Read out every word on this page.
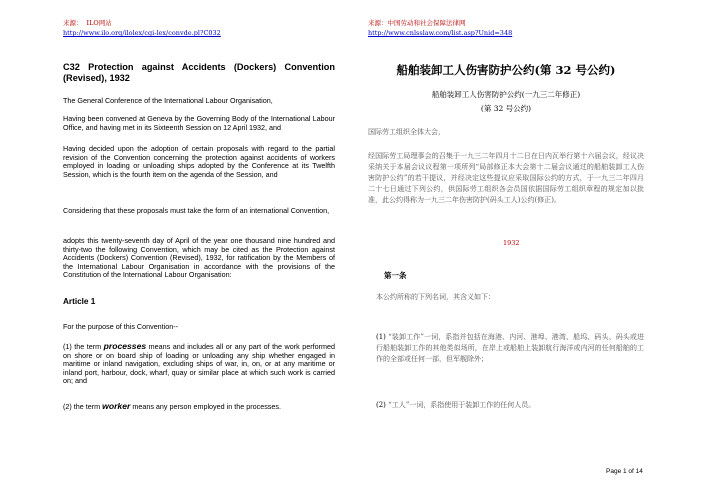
来源： ILO网站
http://www.ilo.org/ilolex/cgi-lex/convde.pl?C032
C32 Protection against Accidents (Dockers) Convention (Revised), 1932
The General Conference of the International Labour Organisation,
Having been convened at Geneva by the Governing Body of the International Labour Office, and having met in its Sixteenth Session on 12 April 1932, and
Having decided upon the adoption of certain proposals with regard to the partial revision of the Convention concerning the protection against accidents of workers employed in loading or unloading ships adopted by the Conference at its Twelfth Session, which is the fourth item on the agenda of the Session, and
Considering that these proposals must take the form of an international Convention,
adopts this twenty-seventh day of April of the year one thousand nine hundred and thirty-two the following Convention, which may be cited as the Protection against Accidents (Dockers) Convention (Revised), 1932, for ratification by the Members of the International Labour Organisation in accordance with the provisions of the Constitution of the International Labour Organisation:
Article 1
For the purpose of this Convention--
(1) the term processes means and includes all or any part of the work performed on shore or on board ship of loading or unloading any ship whether engaged in maritime or inland navigation, excluding ships of war, in, on, or at any maritime or inland port, harbour, dock, wharf, quay or similar place at which such work is carried on; and
(2) the term worker means any person employed in the processes.
来源：中国劳动和社会保障法律网
http://www.cnlsslaw.com/list.asp?Unid=348
船舶装卸工人伤害防护公约(第 32 号公约)
船舶装卸工人伤害防护公约(一九三二年修正)
(第 32 号公约)
国际劳工组织全体大会，
经国际劳工局理事会的召集于一九三二年四月十二日在日内瓦举行第十六届会议，经议决采纳关于本届会议议程第一项所列“局部修正本大会第十二届会议通过的船舶装卸工人伤害防护公约”的若干提议，并经决定这些提议应采取国际公约的方式，于一九三二年四月二十七日通过下列公约，供国际劳工组织各会员国依据国际劳工组织章程的规定加以批准，此公约得称为一九三二年伤害防护(码头工人)公约(修正)。
1932
第一条
本公约所称的下列名词，其含义如下：
(1) “装卸工作”一词，系指并包括在海港、内河、港埠、港湾、船坞、码头、码头或进行船舶装卸工作的其他类似场所，在岸上或船舶上装卸航行海洋或内河的任何船舶的工作的全部或任何一部，但军舰除外；
(2) “工人”一词，系指使用于装卸工作的任何人员。
Page 1 of 14
